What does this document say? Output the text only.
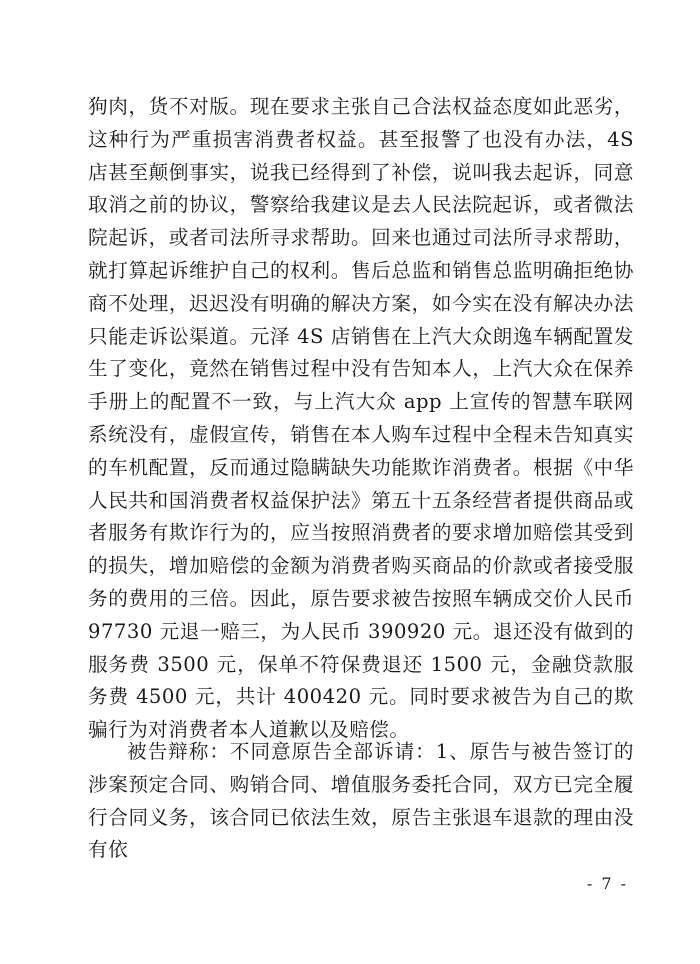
狗肉，货不对版。现在要求主张自己合法权益态度如此恶劣，这种行为严重损害消费者权益。甚至报警了也没有办法，4S店甚至颠倒事实，说我已经得到了补偿，说叫我去起诉，同意取消之前的协议，警察给我建议是去人民法院起诉，或者微法院起诉，或者司法所寻求帮助。回来也通过司法所寻求帮助，就打算起诉维护自己的权利。售后总监和销售总监明确拒绝协商不处理，迟迟没有明确的解决方案，如今实在没有解决办法只能走诉讼渠道。元泽 4S 店销售在上汽大众朗逸车辆配置发生了变化，竟然在销售过程中没有告知本人，上汽大众在保养手册上的配置不一致，与上汽大众 app 上宣传的智慧车联网系统没有，虚假宣传，销售在本人购车过程中全程未告知真实的车机配置，反而通过隐瞒缺失功能欺诈消费者。根据《中华人民共和国消费者权益保护法》第五十五条经营者提供商品或者服务有欺诈行为的，应当按照消费者的要求增加赔偿其受到的损失，增加赔偿的金额为消费者购买商品的价款或者接受服务的费用的三倍。因此，原告要求被告按照车辆成交价人民币 97730 元退一赔三，为人民币 390920 元。退还没有做到的服务费 3500 元，保单不符保费退还 1500 元，金融贷款服务费 4500 元，共计 400420 元。同时要求被告为自己的欺骗行为对消费者本人道歉以及赔偿。

被告辩称：不同意原告全部诉请：1、原告与被告签订的涉案预定合同、购销合同、增值服务委托合同，双方已完全履行合同义务，该合同已依法生效，原告主张退车退款的理由没有依

- 7 -
